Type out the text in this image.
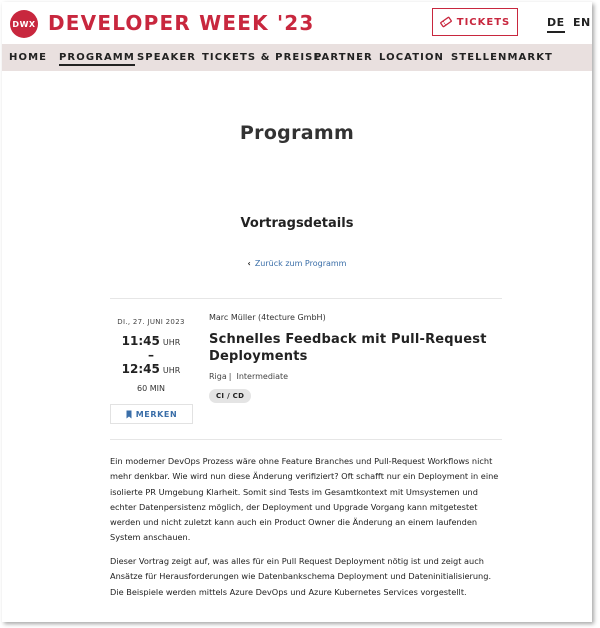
DWX DEVELOPER WEEK '23	TICKETS	DE EN
HOME PROGRAMM SPEAKER TICKETS & PREISE
PARTNER LOCATION STELLENMARKT
Programm
Vortragsdetails
‹ Zurück zum Programm
DI., 27. JUNI 2023
11:45 UHR
–
12:45 UHR
60 MIN
MERKEN
Marc Müller (4tecture GmbH)
Schnelles Feedback mit Pull-Request Deployments
Riga | Intermediate
CI / CD

Ein moderner DevOps Prozess wäre ohne Feature Branches und Pull-Request Workflows nicht mehr denkbar. Wie wird nun diese Änderung verifiziert? Oft schafft nur ein Deployment in eine isolierte PR Umgebung Klarheit. Somit sind Tests im Gesamtkontext mit Umsystemen und echter Datenpersistenz möglich, der Deployment und Upgrade Vorgang kann mitgetestet werden und nicht zuletzt kann auch ein Product Owner die Änderung an einem laufenden System anschauen.

Dieser Vortrag zeigt auf, was alles für ein Pull Request Deployment nötig ist und zeigt auch Ansätze für Herausforderungen wie Datenbankschema Deployment und Dateninitialisierung. Die Beispiele werden mittels Azure DevOps und Azure Kubernetes Services vorgestellt.
